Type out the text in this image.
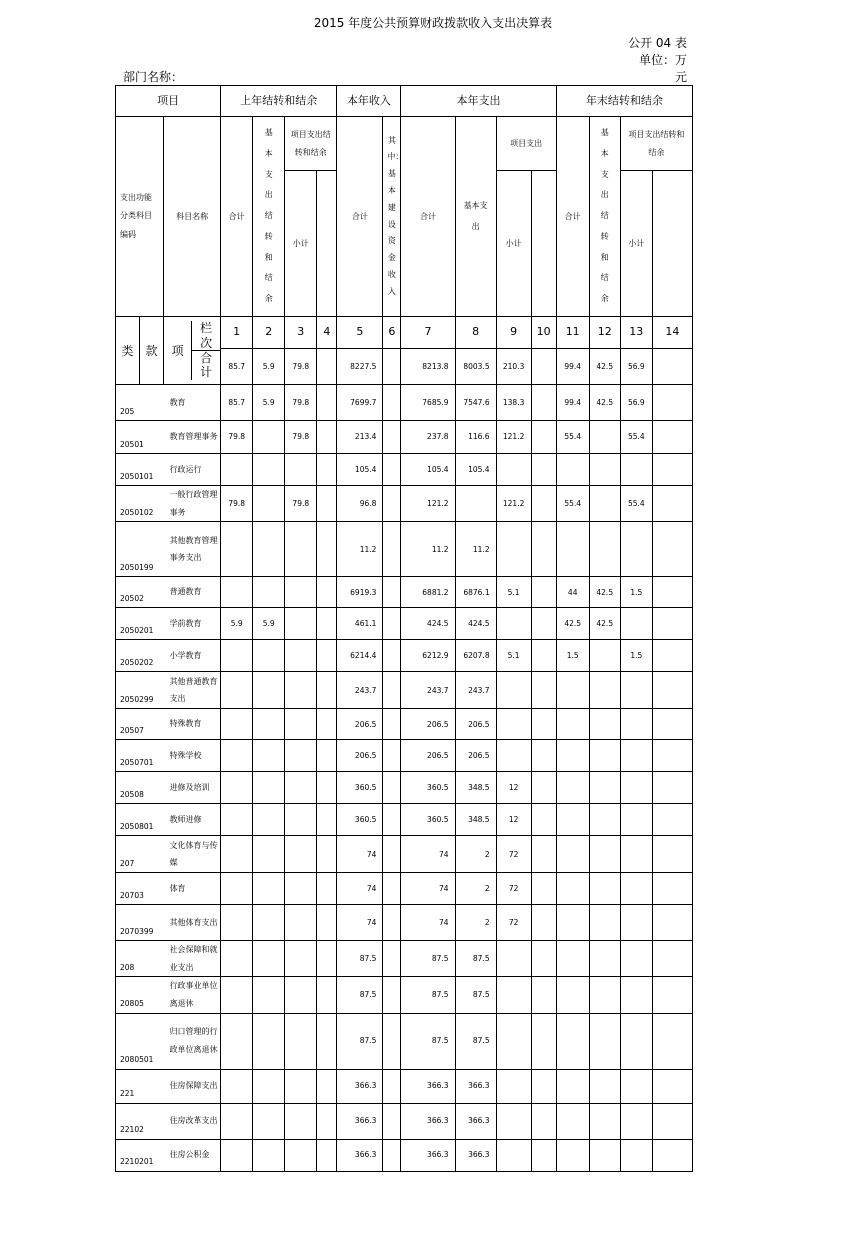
2015 年度公共预算财政拨款收入支出决算表
公开 04 表
单位：万
元
部门名称：
项目			上年结转和结余				本年收入		本年支出				年末结转和结余			

支出功能分类科目编码		科目名称	合计	基本支出结转和结余	项目支出结转和结余		合计	其中：基本建设资金收入	合计	基本支出	项目支出		合计	基本支出结转和结余	项目支出结转和结余	

					小计						小计				小计	
类	款	项
栏次
合计	1	2	3	4	5	6	7	8	9	10	11	12	13	14
			85.7	5.9	79.8		8227.5		8213.8	8003.5	210.3		99.4	42.5	56.9	
205		教育	85.7	5.9	79.8		7699.7		7685.9	7547.6	138.3		99.4	42.5	56.9	
20501		教育管理事务	79.8		79.8		213.4		237.8	116.6	121.2		55.4		55.4	
2050101		行政运行					105.4		105.4	105.4						
2050102		一般行政管理事务	79.8		79.8		96.8		121.2		121.2		55.4		55.4	
2050199		其他教育管理事务支出					11.2		11.2	11.2						
20502		普通教育					6919.3		6881.2	6876.1	5.1		44	42.5	1.5	
2050201		学前教育	5.9	5.9			461.1		424.5	424.5			42.5	42.5		
2050202		小学教育					6214.4		6212.9	6207.8	5.1		1.5		1.5	
2050299		其他普通教育支出					243.7		243.7	243.7						
20507		特殊教育					206.5		206.5	206.5						
2050701		特殊学校					206.5		206.5	206.5						
20508		进修及培训					360.5		360.5	348.5	12					
2050801		教师进修					360.5		360.5	348.5	12					
207		文化体育与传媒					74		74	2	72					
20703		体育					74		74	2	72					
2070399		其他体育支出					74		74	2	72					
208		社会保障和就业支出					87.5		87.5	87.5						
20805		行政事业单位离退休					87.5		87.5	87.5						
2080501		归口管理的行政单位离退休					87.5		87.5	87.5						
221		住房保障支出					366.3		366.3	366.3						
22102		住房改革支出					366.3		366.3	366.3						
2210201		住房公积金					366.3		366.3	366.3						
